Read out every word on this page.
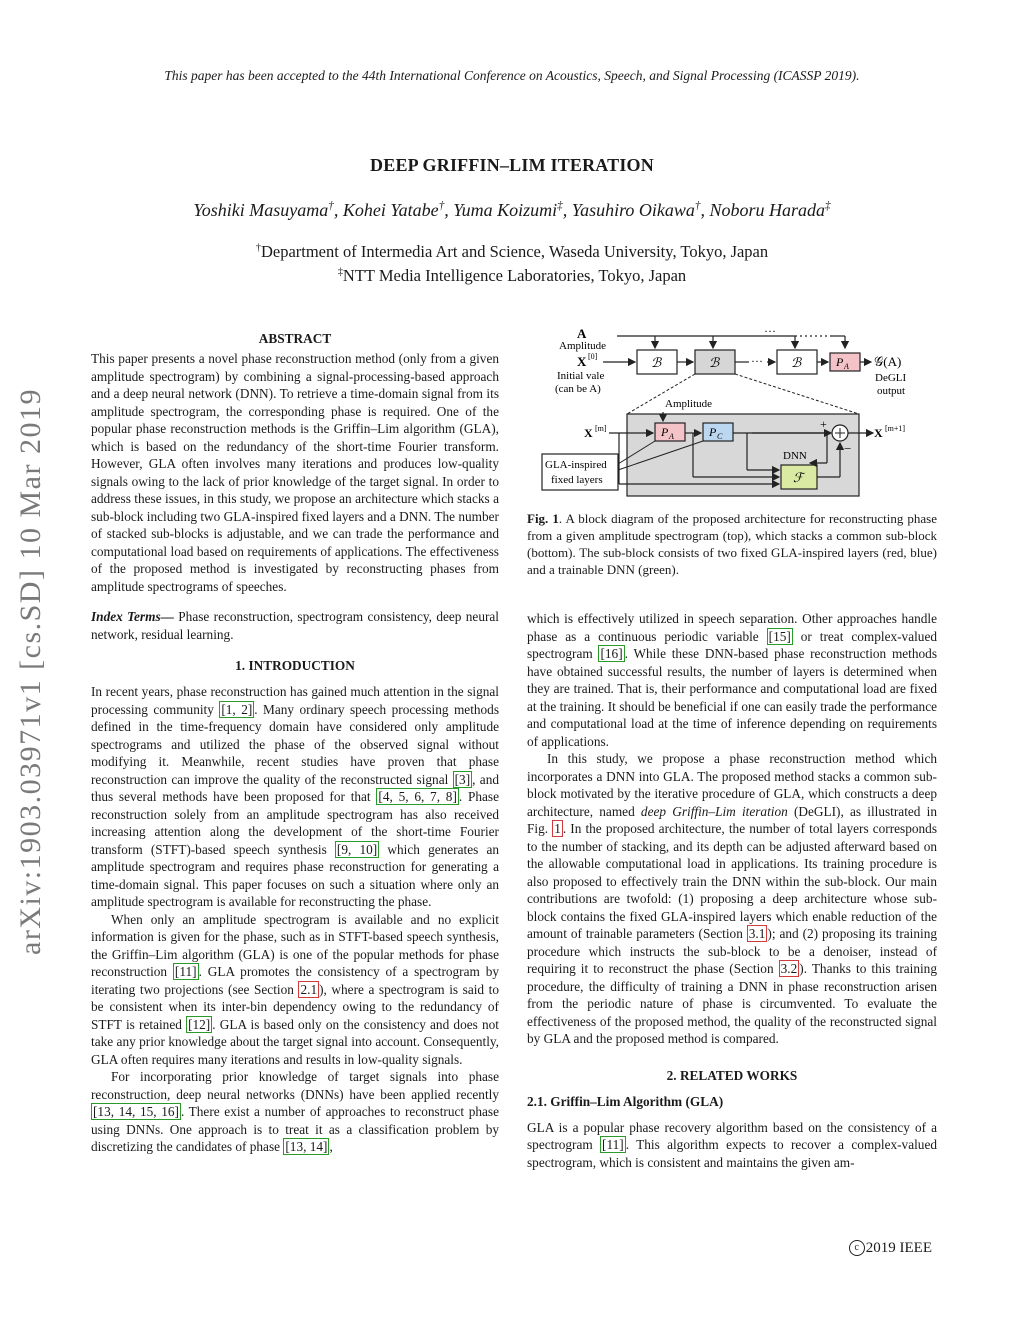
This paper has been accepted to the 44th International Conference on Acoustics, Speech, and Signal Processing (ICASSP 2019).
DEEP GRIFFIN–LIM ITERATION
Yoshiki Masuyama†, Kohei Yatabe†, Yuma Koizumi‡, Yasuhiro Oikawa†, Noboru Harada‡
†Department of Intermedia Art and Science, Waseda University, Tokyo, Japan
‡NTT Media Intelligence Laboratories, Tokyo, Japan
arXiv:1903.03971v1 [cs.SD] 10 Mar 2019
ABSTRACT
This paper presents a novel phase reconstruction method (only from a given amplitude spectrogram) by combining a signal-processing-based approach and a deep neural network (DNN). To retrieve a time-domain signal from its amplitude spectrogram, the corresponding phase is required. One of the popular phase reconstruction methods is the Griffin–Lim algorithm (GLA), which is based on the redundancy of the short-time Fourier transform. However, GLA often involves many iterations and produces low-quality signals owing to the lack of prior knowledge of the target signal. In order to address these issues, in this study, we propose an architecture which stacks a sub-block including two GLA-inspired fixed layers and a DNN. The number of stacked sub-blocks is adjustable, and we can trade the performance and computational load based on requirements of applications. The effectiveness of the proposed method is investigated by reconstructing phases from amplitude spectrograms of speeches.
Index Terms— Phase reconstruction, spectrogram consistency, deep neural network, residual learning.
1. INTRODUCTION

In recent years, phase reconstruction has gained much attention in the signal processing community [1, 2] . Many ordinary speech processing methods defined in the time-frequency domain have considered only amplitude spectrograms and utilized the phase of the observed signal without modifying it. Meanwhile, recent studies have proven that phase reconstruction can improve the quality of the reconstructed signal [3] , and thus several methods have been proposed for that [4, 5, 6, 7, 8] . Phase reconstruction solely from an amplitude spectrogram has also received increasing attention along the development of the short-time Fourier transform (STFT)-based speech synthesis [9, 10] which generates an amplitude spectrogram and requires phase reconstruction for generating a time-domain signal. This paper focuses on such a situation where only an amplitude spectrogram is available for reconstructing the phase.

When only an amplitude spectrogram is available and no explicit information is given for the phase, such as in STFT-based speech synthesis, the Griffin–Lim algorithm (GLA) is one of the popular methods for phase reconstruction [11] . GLA promotes the consistency of a spectrogram by iterating two projections (see Section 2.1 ), where a spectrogram is said to be consistent when its inter-bin dependency owing to the redundancy of STFT is retained [12] . GLA is based only on the consistency and does not take any prior knowledge about the target signal into account. Consequently, GLA often requires many iterations and results in low-quality signals.

For incorporating prior knowledge of target signals into phase reconstruction, deep neural networks (DNNs) have been applied recently [13, 14, 15, 16] . There exist a number of approaches to reconstruct phase using DNNs. One approach is to treat it as a classification problem by discretizing the candidates of phase [13, 14] ,

A
Amplitude
···
X [0]
Initial vale
(can be A)
ℬ	ℬ	··· ℬ	P A 𝒢(A)
DeGLI
output
Amplitude
X [m]	P A	P C
+
−
X [m+1]
DNN
ℱ
GLA-inspired
fixed layers
Fig. 1. A block diagram of the proposed architecture for reconstructing phase from a given amplitude spectrogram (top), which stacks a common sub-block (bottom). The sub-block consists of two fixed GLA-inspired layers (red, blue) and a trainable DNN (green).

which is effectively utilized in speech separation. Other approaches handle phase as a continuous periodic variable [15] or treat complex-valued spectrogram [16] . While these DNN-based phase reconstruction methods have obtained successful results, the number of layers is determined when they are trained. That is, their performance and computational load are fixed at the training. It should be beneficial if one can easily trade the performance and computational load at the time of inference depending on requirements of applications.

In this study, we propose a phase reconstruction method which incorporates a DNN into GLA. The proposed method stacks a common sub-block motivated by the iterative procedure of GLA, which constructs a deep architecture, named deep Griffin–Lim iteration (DeGLI), as illustrated in Fig. 1 . In the proposed architecture, the number of total layers corresponds to the number of stacking, and its depth can be adjusted afterward based on the allowable computational load in applications. Its training procedure is also proposed to effectively train the DNN within the sub-block. Our main contributions are twofold: (1) proposing a deep architecture whose sub-block contains the fixed GLA-inspired layers which enable reduction of the amount of trainable parameters (Section 3.1 ); and (2) proposing its training procedure which instructs the sub-block to be a denoiser, instead of requiring it to reconstruct the phase (Section 3.2 ). Thanks to this training procedure, the difficulty of training a DNN in phase reconstruction arisen from the periodic nature of phase is circumvented. To evaluate the effectiveness of the proposed method, the quality of the reconstructed signal by GLA and the proposed method is compared.

2. RELATED WORKS
2.1. Griffin–Lim Algorithm (GLA)

GLA is a popular phase recovery algorithm based on the consistency of a spectrogram [11] . This algorithm expects to recover a complex-valued spectrogram, which is consistent and maintains the given am-

c 2019 IEEE
